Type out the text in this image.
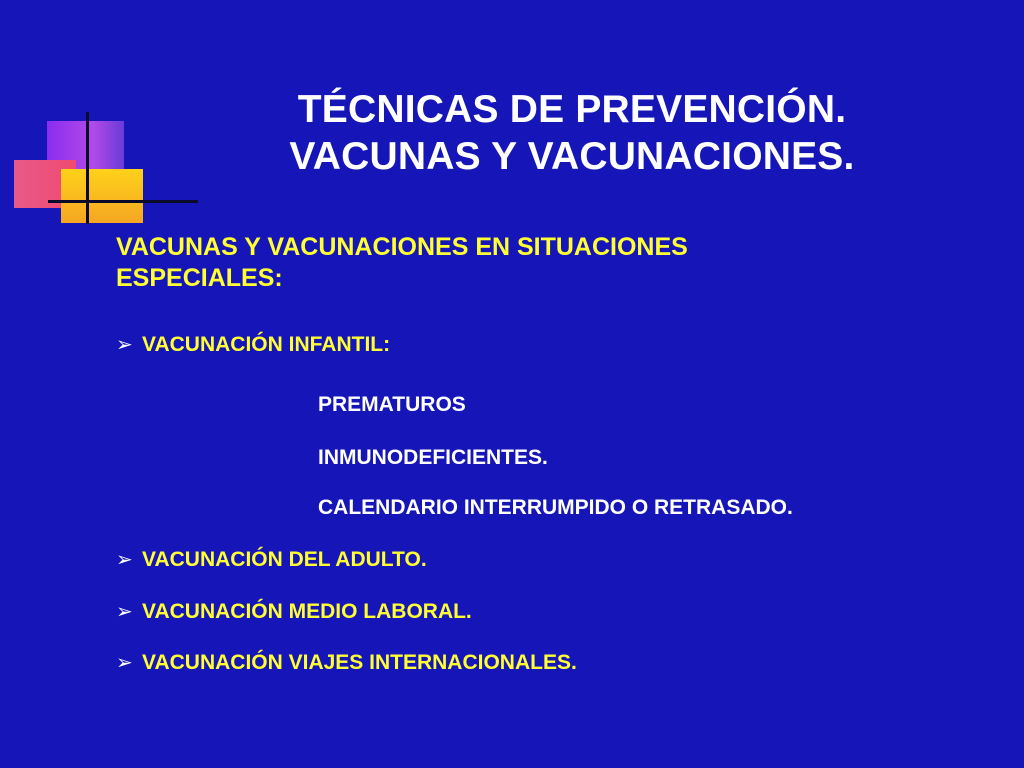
TÉCNICAS DE PREVENCIÓN.
VACUNAS Y VACUNACIONES.
VACUNAS Y VACUNACIONES EN SITUACIONES
ESPECIALES:
➢ VACUNACIÓN INFANTIL:
PREMATUROS
INMUNODEFICIENTES.
CALENDARIO INTERRUMPIDO O RETRASADO.
➢ VACUNACIÓN DEL ADULTO.
➢ VACUNACIÓN MEDIO LABORAL.
➢ VACUNACIÓN VIAJES INTERNACIONALES.
